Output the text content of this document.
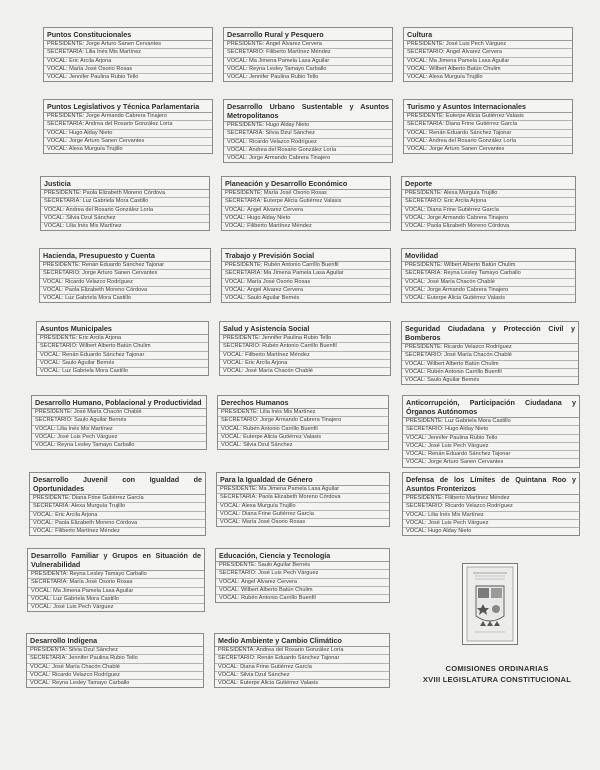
Puntos Constitucionales
PRESIDENTE: Jorge Arturo Sanen Cervantes
SECRETARIA: Lilia Inés Mis Martínez
VOCAL: Eric Arcila Arjona
VOCAL: María José Osorio Rosas
VOCAL: Jennifer Paulina Rubio Tello
Desarrollo Rural y Pesquero
PRESIDENTE: Ángel Álvarez Cervera
SECRETARIO: Filiberto Martínez Méndez
VOCAL: Ma Jimena Pamela Lasa Aguilar
VOCAL: Reyna Lesley Tamayo Carballo
VOCAL: Jennifer Paulina Rubio Tello
Cultura
PRESIDENTE: José Luis Pech Várguez
SECRETARIO: Ángel Álvarez Cervera
VOCAL: Ma Jimena Pamela Lasa Aguilar
VOCAL: Wilbert Alberto Batún Chulim
VOCAL: Alexa Murguía Trujillo
Puntos Legislativos y Técnica Parlamentaria
PRESIDENTE: Jorge Armando Cabrera Tinajero
SECRETARIA: Andrea del Rosario González Loría
VOCAL: Hugo Alday Nieto
VOCAL: Jorge Arturo Sanen Cervantes
VOCAL: Alexa Murguía Trujillo
Desarrollo Urbano Sustentable y Asuntos Metropolitanos
PRESIDENTE: Hugo Alday Nieto
SECRETARIA: Silvia Dzul Sánchez
VOCAL: Ricardo Velazco Rodríguez
VOCAL: Andrea del Rosario González Loría
VOCAL: Jorge Armando Cabrera Tinajero
Turismo y Asuntos Internacionales
PRESIDENTE: Euterpe Alicia Gutiérrez Valasis
SECRETARIA: Diana Frine Gutiérrez García
VOCAL: Renán Eduardo Sánchez Tajonar
VOCAL: Andrea del Rosario González Loría
VOCAL: Jorge Arturo Sanen Cervantes
Justicia
PRESIDENTE: Paola Elizabeth Moreno Córdova
SECRETARIA: Luz Gabriela Mora Castillo
VOCAL: Andrea del Rosario González Loría
VOCAL: Silvia Dzul Sánchez
VOCAL: Lilia Inés Mis Martínez
Planeación y Desarrollo Económico
PRESIDENTE: María José Osorio Rosas
SECRETARIA: Euterpe Alicia Gutiérrez Valasis
VOCAL: Ángel Álvarez Cervera
VOCAL: Hugo Alday Nieto
VOCAL: Filiberto Martínez Méndez
Deporte
PRESIDENTE: Alexa Murguía Trujillo
SECRETARIO: Eric Arcila Arjona
VOCAL: Diana Frine Gutiérrez García
VOCAL: Jorge Armando Cabrera Tinajero
VOCAL: Paola Elizabeth Moreno Córdova
Hacienda, Presupuesto y Cuenta
PRESIDENTE: Renán Eduardo Sánchez Tajonar
SECRETARIO: Jorge Arturo Sanen Cervantes
VOCAL: Ricardo Velazco Rodríguez
VOCAL: Paola Elizabeth Moreno Córdova
VOCAL: Luz Gabriela Mora Castillo
Trabajo y Previsión Social
PRESIDENTE: Rubén Antonio Carrillo Buenfil
SECRETARIA: Ma Jimena Pamela Lasa Aguilar
VOCAL: María José Osorio Rosas
VOCAL: Ángel Álvarez Cervera
VOCAL: Saulo Aguilar Bernés
Movilidad
PRESIDENTE: Wilbert Alberto Batún Chulim
SECRETARIA: Reyna Lesley Tamayo Carballo
VOCAL: José María Chacón Chablé
VOCAL: Jorge Armando Cabrera Tinajero
VOCAL: Euterpe Alicia Gutiérrez Valasis
Asuntos Municipales
PRESIDENTE: Eric Arcila Arjona
SECRETARIO: Wilbert Alberto Batún Chulim
VOCAL: Renán Eduardo Sánchez Tajonar
VOCAL: Saulo Aguilar Bernés
VOCAL: Luz Gabriela Mora Castillo
Salud y Asistencia Social
PRESIDENTE: Jennifer Paulina Rubio Tello
SECRETARIO: Rubén Antonio Carrillo Buenfil
VOCAL: Filiberto Martínez Méndez
VOCAL: Eric Arcila Arjona
VOCAL: José María Chacón Chablé
Seguridad Ciudadana y Protección Civil y Bomberos
PRESIDENTE: Ricardo Velazco Rodríguez
SECRETARIO: José María Chacón Chablé
VOCAL: Wilbert Alberto Batún Chulim
VOCAL: Rubén Antonio Carrillo Buenfil
VOCAL: Saulo Aguilar Bernés
Desarrollo Humano, Poblacional y Productividad
PRESIDENTE: José María Chacón Chablé
SECRETARIO: Saulo Aguilar Bernés
VOCAL: Lilia Inés Mis Martínez
VOCAL: José Luis Pech Várguez
VOCAL: Reyna Lesley Tamayo Carballo
Derechos Humanos
PRESIDENTE: Lilia Inés Mis Martínez
SECRETARIO: Jorge Armando Cabrera Tinajero
VOCAL: Rubén Antonio Carrillo Buenfil
VOCAL: Euterpe Alicia Gutiérrez Valasis
VOCAL: Silvia Dzul Sánchez
Anticorrupción, Participación Ciudadana y Órganos Autónomos
PRESIDENTE: Luz Gabriela Mora Castillo
SECRETARIO: Hugo Alday Nieto
VOCAL: Jennifer Paulina Rubio Tello
VOCAL: José Luis Pech Várguez
VOCAL: Renán Eduardo Sánchez Tajonar
VOCAL: Jorge Arturo Sanen Cervantes
Desarrollo Juvenil con Igualdad de Oportunidades
PRESIDENTE: Diana Frine Gutiérrez García
SECRETARIA: Alexa Murguía Trujillo
VOCAL: Eric Arcila Arjona
VOCAL: Paola Elizabeth Moreno Córdova
VOCAL: Filiberto Martínez Méndez
Para la Igualdad de Género
PRESIDENTE: Ma Jimena Pamela Lasa Aguilar
SECRETARIA: Paola Elizabeth Moreno Córdova
VOCAL: Alexa Murguía Trujillo
VOCAL: Diana Frine Gutiérrez García
VOCAL: María José Osorio Rosas
Defensa de los Límites de Quintana Roo y Asuntos Fronterizos
PRESIDENTE: Filiberto Martínez Méndez
SECRETARIO: Ricardo Velazco Rodríguez
VOCAL: Lilia Inés Mis Martínez
VOCAL: José Luis Pech Várguez
VOCAL: Hugo Alday Nieto
Desarrollo Familiar y Grupos en Situación de Vulnerabilidad
PRESIDENTA: Reyna Lesley Tamayo Carballo
SECRETARIA: María José Osorio Rosas
VOCAL: Ma Jimena Pamela Lasa Aguilar
VOCAL: Luz Gabriela Mora Castillo
VOCAL: José Luis Pech Várguez
Educación, Ciencia y Tecnología
PRESIDENTE: Saulo Aguilar Bernés
SECRETARIO: José Luis Pech Várguez
VOCAL: Ángel Álvarez Cervera
VOCAL: Wilbert Alberto Batún Chulim
VOCAL: Rubén Antonio Carrillo Buenfil
Desarrollo Indígena
PRESIDENTA: Silvia Dzul Sánchez
SECRETARIA: Jennifer Paulina Rubio Tello
VOCAL: José María Chacón Chablé
VOCAL: Ricardo Velazco Rodríguez
VOCAL: Reyna Lesley Tamayo Carballo
Medio Ambiente y Cambio Climático
PRESIDENTA: Andrea del Rosario González Loría
SECRETARIO: Renán Eduardo Sánchez Tajonar
VOCAL: Diana Frine Gutiérrez García
VOCAL: Silvia Dzul Sánchez
VOCAL: Euterpe Alicia Gutiérrez Valasis
COMISIONES ORDINARIAS
XVIII LEGISLATURA CONSTITUCIONAL
